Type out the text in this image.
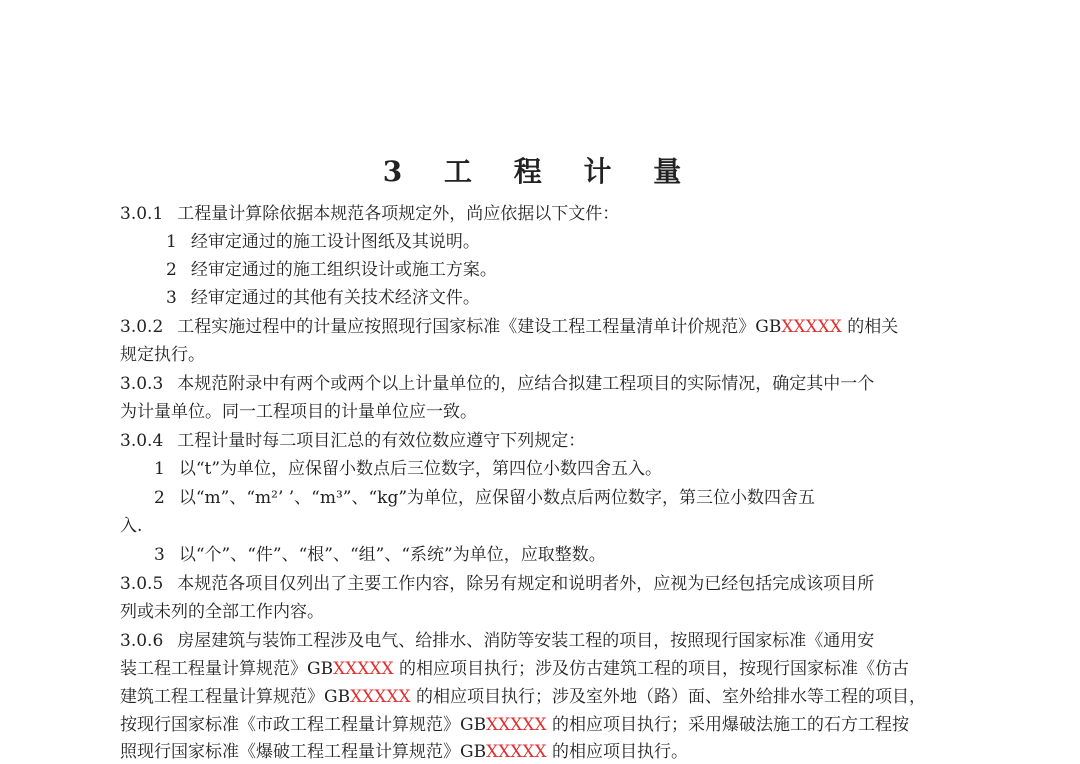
3 工 程 计 量
3.0.1 工程量计算除依据本规范各项规定外，尚应依据以下文件：
1 经审定通过的施工设计图纸及其说明。
2 经审定通过的施工组织设计或施工方案。
3 经审定通过的其他有关技术经济文件。
3.0.2 工程实施过程中的计量应按照现行国家标准《建设工程工程量清单计价规范》GBXXXXX 的相关
规定执行。
3.0.3 本规范附录中有两个或两个以上计量单位的，应结合拟建工程项目的实际情况，确定其中一个
为计量单位。同一工程项目的计量单位应一致。
3.0.4 工程计量时每二项目汇总的有效位数应遵守下列规定：
1 以“t”为单位，应保留小数点后三位数字，第四位小数四舍五入。
2 以“m”、“m²’ ’、“m³”、“kg”为单位，应保留小数点后两位数字，第三位小数四舍五
入.
3 以“个”、“件”、“根”、“组”、“系统”为单位，应取整数。
3.0.5 本规范各项目仅列出了主要工作内容，除另有规定和说明者外，应视为已经包括完成该项目所
列或未列的全部工作内容。
3.0.6 房屋建筑与装饰工程涉及电气、给排水、消防等安装工程的项目，按照现行国家标准《通用安
装工程工程量计算规范》GBXXXXX 的相应项目执行；涉及仿古建筑工程的项目，按现行国家标准《仿古
建筑工程工程量计算规范》GBXXXXX 的相应项目执行；涉及室外地（路）面、室外给排水等工程的项目，
按现行国家标准《市政工程工程量计算规范》GBXXXXX 的相应项目执行；采用爆破法施工的石方工程按
照现行国家标准《爆破工程工程量计算规范》GBXXXXX 的相应项目执行。
